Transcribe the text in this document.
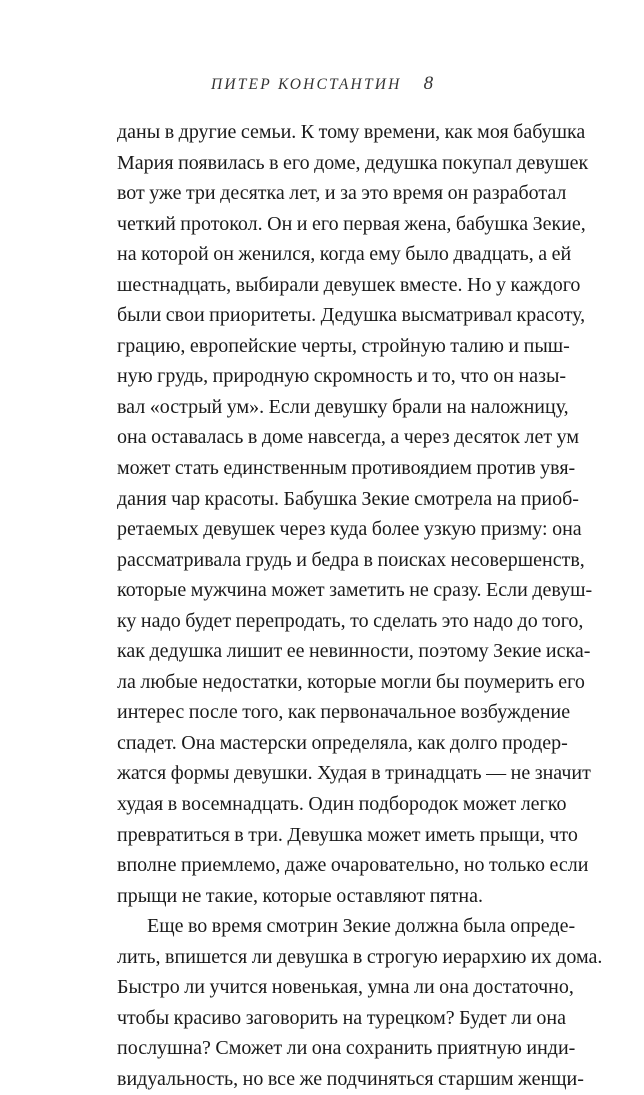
ПИТЕР КОНСТАНТИН 8
даны в другие семьи. К тому времени, как моя бабушка
Мария появилась в его доме, дедушка покупал девушек
вот уже три десятка лет, и за это время он разработал
четкий протокол. Он и его первая жена, бабушка Зекие,
на которой он женился, когда ему было двадцать, а ей
шестнадцать, выбирали девушек вместе. Но у каждого
были свои приоритеты. Дедушка высматривал красоту,
грацию, европейские черты, стройную талию и пыш-
ную грудь, природную скромность и то, что он назы-
вал «острый ум». Если девушку брали на наложницу,
она оставалась в доме навсегда, а через десяток лет ум
может стать единственным противоядием против увя-
дания чар красоты. Бабушка Зекие смотрела на приоб-
ретаемых девушек через куда более узкую призму: она
рассматривала грудь и бедра в поисках несовершенств,
которые мужчина может заметить не сразу. Если девуш-
ку надо будет перепродать, то сделать это надо до того,
как дедушка лишит ее невинности, поэтому Зекие иска-
ла любые недостатки, которые могли бы поумерить его
интерес после того, как первоначальное возбуждение
спадет. Она мастерски определяла, как долго продер-
жатся формы девушки. Худая в тринадцать — не значит
худая в восемнадцать. Один подбородок может легко
превратиться в три. Девушка может иметь прыщи, что
вполне приемлемо, даже очаровательно, но только если
прыщи не такие, которые оставляют пятна.
Еще во время смотрин Зекие должна была опреде-
лить, впишется ли девушка в строгую иерархию их дома.
Быстро ли учится новенькая, умна ли она достаточно,
чтобы красиво заговорить на турецком? Будет ли она
послушна? Сможет ли она сохранить приятную инди-
видуальность, но все же подчиняться старшим женщи-
